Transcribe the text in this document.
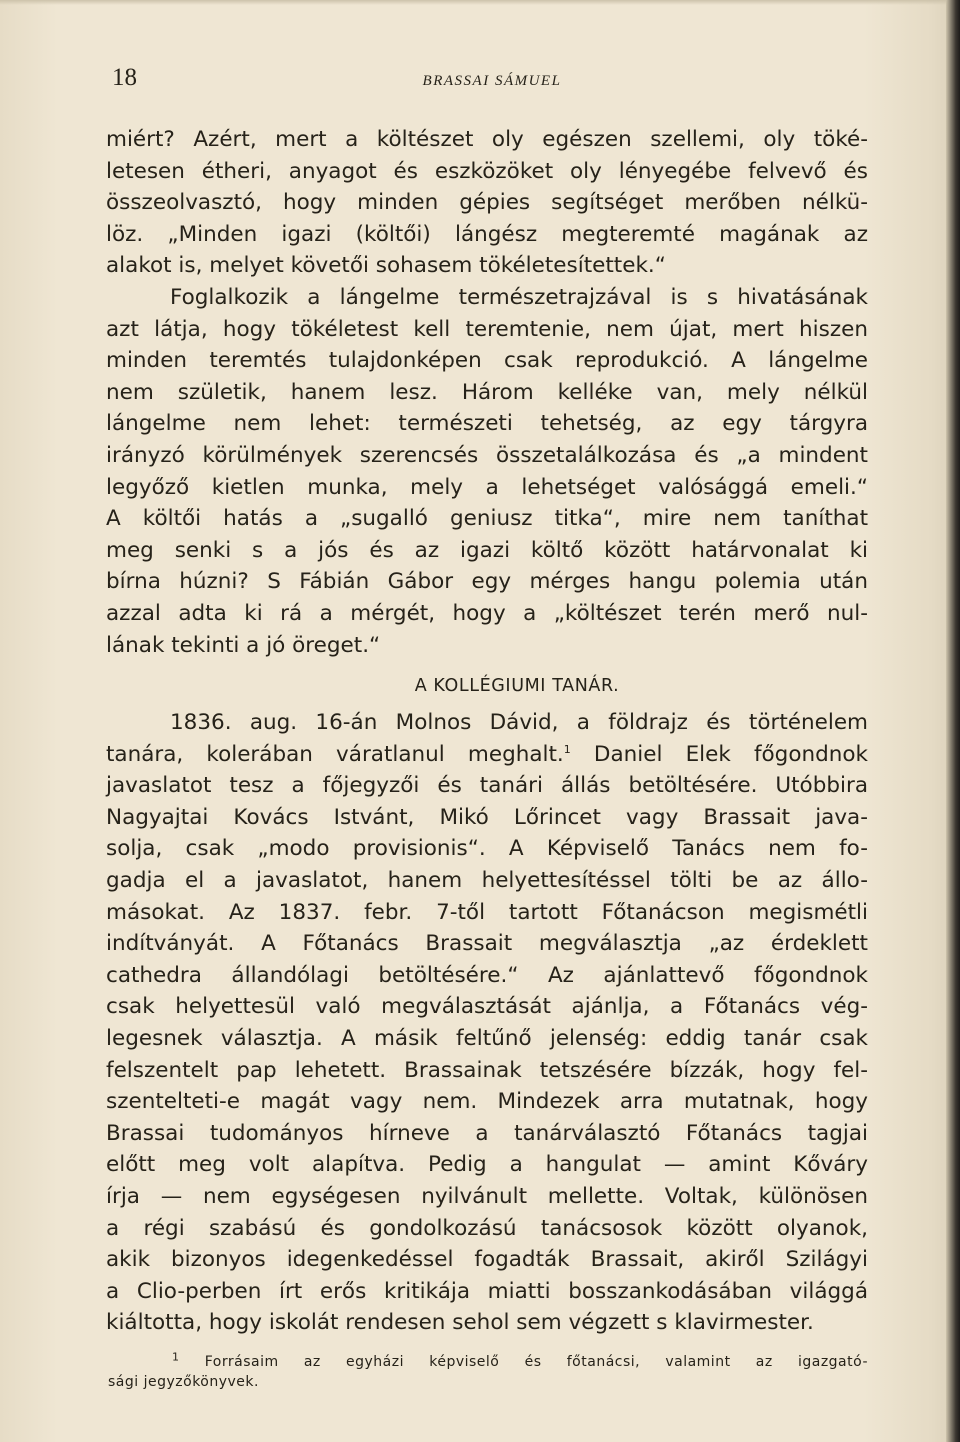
18	BRASSAI SÁMUEL
miért? Azért, mert a költészet oly egészen szellemi, oly töké-
letesen étheri, anyagot és eszközöket oly lényegébe felvevő és
összeolvasztó, hogy minden gépies segítséget merőben nélkü-
löz. „Minden igazi (költői) lángész megteremté magának az
alakot is, melyet követői sohasem tökéletesítettek.“
Foglalkozik a lángelme természetrajzával is s hivatásának
azt látja, hogy tökéletest kell teremtenie, nem újat, mert hiszen
minden teremtés tulajdonképen csak reprodukció. A lángelme
nem születik, hanem lesz. Három kelléke van, mely nélkül
lángelme nem lehet: természeti tehetség, az egy tárgyra
irányzó körülmények szerencsés összetalálkozása és „a mindent
legyőző kietlen munka, mely a lehetséget valósággá emeli.“
A költői hatás a „sugalló geniusz titka“, mire nem taníthat
meg senki s a jós és az igazi költő között határvonalat ki
bírna húzni? S Fábián Gábor egy mérges hangu polemia után
azzal adta ki rá a mérgét, hogy a „költészet terén merő nul-
lának tekinti a jó öreget.“
A KOLLÉGIUMI TANÁR.
1836. aug. 16-án Molnos Dávid, a földrajz és történelem
tanára, kolerában váratlanul meghalt.$^1$ Daniel Elek főgondnok
javaslatot tesz a főjegyzői és tanári állás betöltésére. Utóbbira
Nagyajtai Kovács Istvánt, Mikó Lőrincet vagy Brassait java-
solja, csak „modo provisionis“. A Képviselő Tanács nem fo-
gadja el a javaslatot, hanem helyettesítéssel tölti be az állo-
másokat. Az 1837. febr. 7-től tartott Főtanácson megismétli
indítványát. A Főtanács Brassait megválasztja „az érdeklett
cathedra állandólagi betöltésére.“ Az ajánlattevő főgondnok
csak helyettesül való megválasztását ajánlja, a Főtanács vég-
legesnek választja. A másik feltűnő jelenség: eddig tanár csak
felszentelt pap lehetett. Brassainak tetszésére bízzák, hogy fel-
szentelteti-e magát vagy nem. Mindezek arra mutatnak, hogy
Brassai tudományos hírneve a tanárválasztó Főtanács tagjai
előtt meg volt alapítva. Pedig a hangulat — amint Kőváry
írja — nem egységesen nyilvánult mellette. Voltak, különösen
a régi szabású és gondolkozású tanácsosok között olyanok,
akik bizonyos idegenkedéssel fogadták Brassait, akiről Szilágyi
a Clio-perben írt erős kritikája miatti bosszankodásában világgá
kiáltotta, hogy iskolát rendesen sehol sem végzett s klavirmester.
$^1$ Forrásaim az egyházi képviselő és főtanácsi, valamint az igazgató-
sági jegyzőkönyvek.
